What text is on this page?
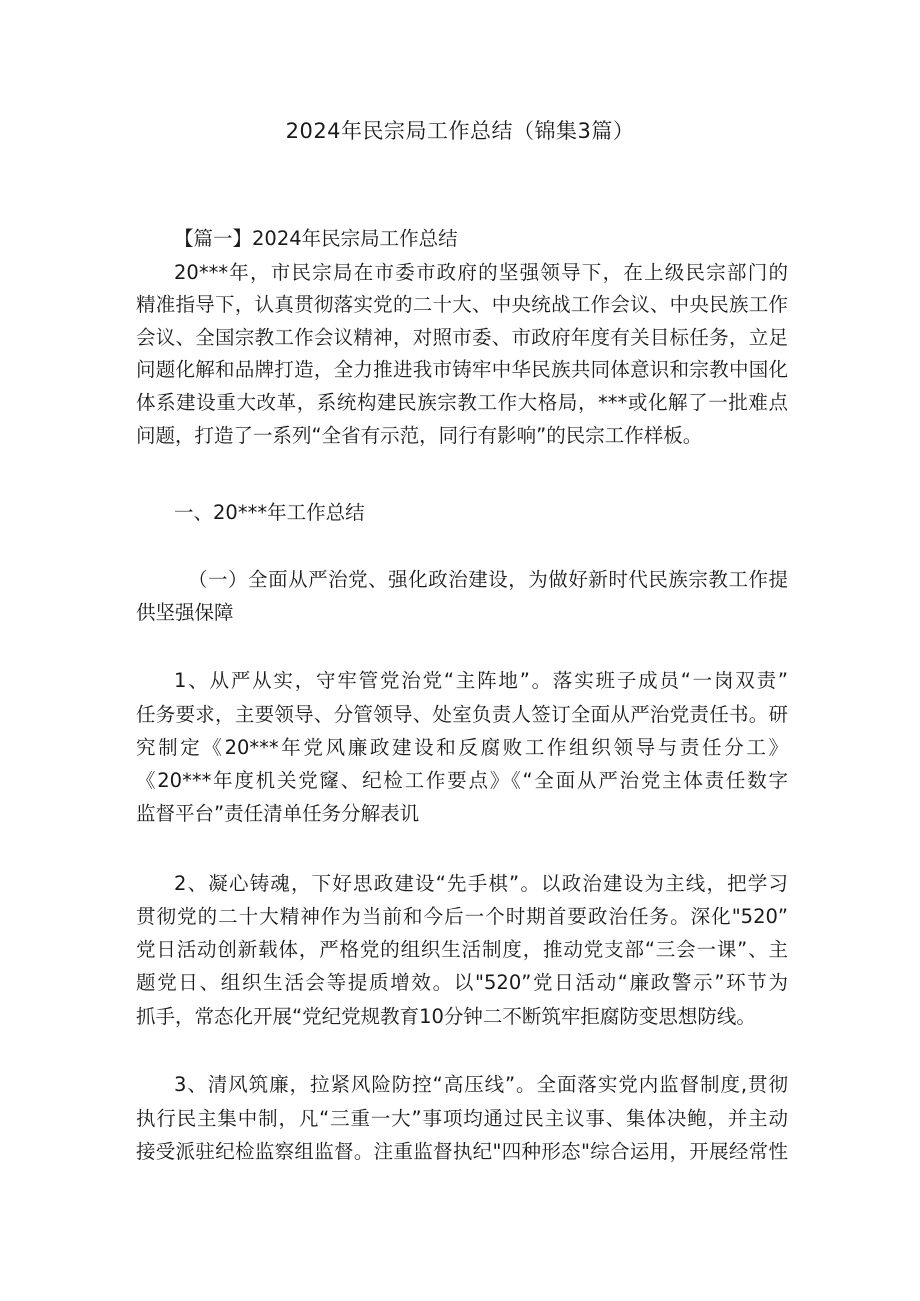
2024年民宗局工作总结（锦集3篇）
【篇一】2024年民宗局工作总结
20***年，市民宗局在市委市政府的坚强领导下，在上级民宗部门的
精准指导下，认真贯彻落实党的二十大、中央统战工作会议、中央民族工作
会议、全国宗教工作会议精神，对照市委、市政府年度有关目标任务，立足
问题化解和品牌打造，全力推进我市铸牢中华民族共同体意识和宗教中国化
体系建设重大改革，系统构建民族宗教工作大格局，***或化解了一批难点
问题，打造了一系列“全省有示范，同行有影响”的民宗工作样板。
一、20***年工作总结
（一）全面从严治党、强化政治建设，为做好新时代民族宗教工作提
供坚强保障
1、从严从实，守牢管党治党“主阵地”。落实班子成员“一岗双责”
任务要求，主要领导、分管领导、处室负责人签订全面从严治党责任书。研
究制定《20***年党风廉政建设和反腐败工作组织领导与责任分工》
《20***年度机关党窿、纪检工作要点》《“全面从严治党主体责任数字
监督平台”责任清单任务分解表讥
2、凝心铸魂，下好思政建设“先手棋”。以政治建设为主线，把学习
贯彻党的二十大精神作为当前和今后一个时期首要政治任务。深化"520”
党日活动创新载体，严格党的组织生活制度，推动党支部“三会一课”、主
题党日、组织生活会等提质增效。以"520”党日活动“廉政警示”环节为
抓手，常态化开展“党纪党规教育10分钟二不断筑牢拒腐防变思想防线。
3、清风筑廉，拉紧风险防控“高压线”。全面落实党内监督制度,贯彻
执行民主集中制，凡“三重一大”事项均通过民主议事、集体决鲍，并主动
接受派驻纪检监察组监督。注重监督执纪"四种形态"综合运用，开展经常性
